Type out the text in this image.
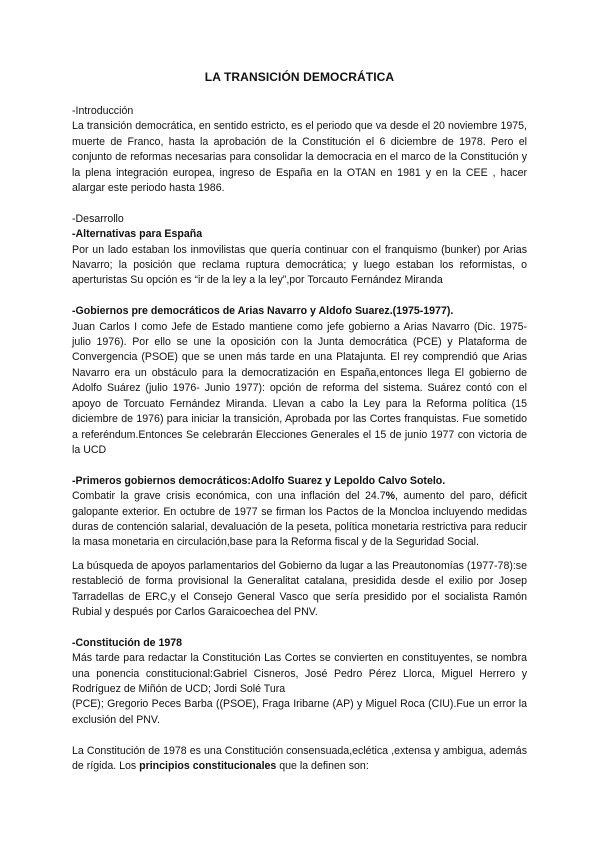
LA TRANSICIÓN DEMOCRÁTICA

-Introducción

La transición democrática, en sentido estricto, es el periodo que va desde el 20 noviembre 1975, muerte de Franco, hasta la aprobación de la Constitución el 6 diciembre de 1978. Pero el conjunto de reformas necesarias para consolidar la democracia en el marco de la Constitución y la plena integración europea, ingreso de España en la OTAN en 1981 y en la CEE , hacer alargar este periodo hasta 1986.

-Desarrollo

-Alternativas para España

Por un lado estaban los inmovilistas que quería continuar con el franquismo (bunker) por Arias Navarro; la posición que reclama ruptura democrática; y luego estaban los reformistas, o aperturistas Su opción es “ir de la ley a la ley”,por Torcauto Fernández Miranda

-Gobiernos pre democráticos de Arias Navarro y Aldofo Suarez.(1975-1977).

Juan Carlos I como Jefe de Estado mantiene como jefe gobierno a Arias Navarro (Dic. 1975- julio 1976). Por ello se une la oposición con la Junta democrática (PCE) y Plataforma de Convergencia (PSOE) que se unen más tarde en una Platajunta. El rey comprendió que Arias Navarro era un obstáculo para la democratización en España,entonces llega El gobierno de Adolfo Suárez (julio 1976- Junio 1977): opción de reforma del sistema. Suárez contó con el apoyo de Torcuato Fernández Miranda. Llevan a cabo la Ley para la Reforma política (15 diciembre de 1976) para iniciar la transición, Aprobada por las Cortes franquistas. Fue sometido a referéndum.Entonces Se celebrarán Elecciones Generales el 15 de junio 1977 con victoria de la UCD

-Primeros gobiernos democráticos:Adolfo Suarez y Lepoldo Calvo Sotelo.

Combatir la grave crisis económica, con una inflación del 24.7%, aumento del paro, déficit galopante exterior. En octubre de 1977 se firman los Pactos de la Moncloa incluyendo medidas duras de contención salarial, devaluación de la peseta, política monetaria restrictiva para reducir la masa monetaria en circulación,base para la Reforma fiscal y de la Seguridad Social.

La búsqueda de apoyos parlamentarios del Gobierno da lugar a las Preautonomías (1977-78):se restableció de forma provisional la Generalitat catalana, presidida desde el exilio por Josep Tarradellas de ERC,y el Consejo General Vasco que sería presidido por el socialista Ramón Rubial y después por Carlos Garaicoechea del PNV.

-Constitución de 1978

Más tarde para redactar la Constitución Las Cortes se convierten en constituyentes, se nombra una ponencia constitucional:Gabriel Cisneros, José Pedro Pérez Llorca, Miguel Herrero y Rodríguez de Miñón de UCD; Jordi Solé Tura

(PCE); Gregorio Peces Barba ((PSOE), Fraga Iribarne (AP) y Miguel Roca (CIU).Fue un error la exclusión del PNV.

La Constitución de 1978 es una Constitución consensuada,eclética ,extensa y ambigua, además de rígida. Los principios constitucionales que la definen son:
